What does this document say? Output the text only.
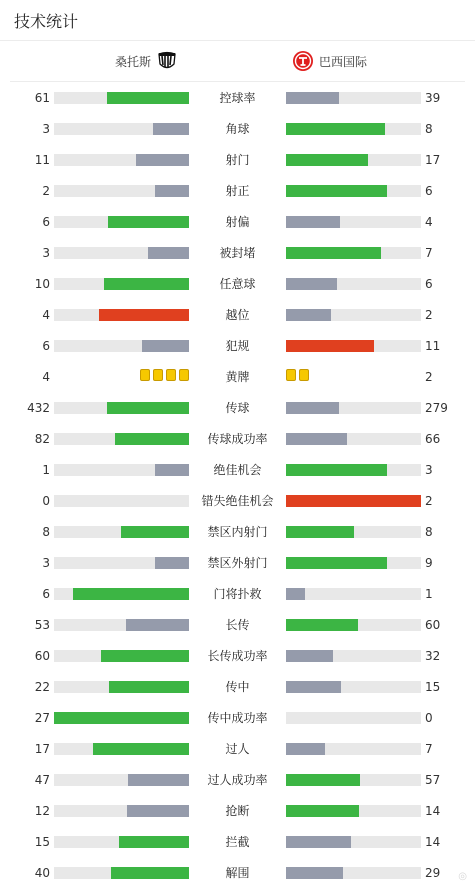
技术统计
桑托斯	巴西国际
61	控球率	39
3	角球	8
11	射门	17
2	射正	6
6	射偏	4
3	被封堵	7
10	任意球	6
4	越位	2
6	犯规	11
4	黄牌	2
432	传球	279
82	传球成功率	66
1	绝佳机会	3
0	错失绝佳机会	2
8	禁区内射门	8
3	禁区外射门	9
6	门将扑救	1
53	长传	60
60	长传成功率	32
22	传中	15
27	传中成功率	0
17	过人	7
47	过人成功率	57
12	抢断	14
15	拦截	14
40	解围	29 ◎
